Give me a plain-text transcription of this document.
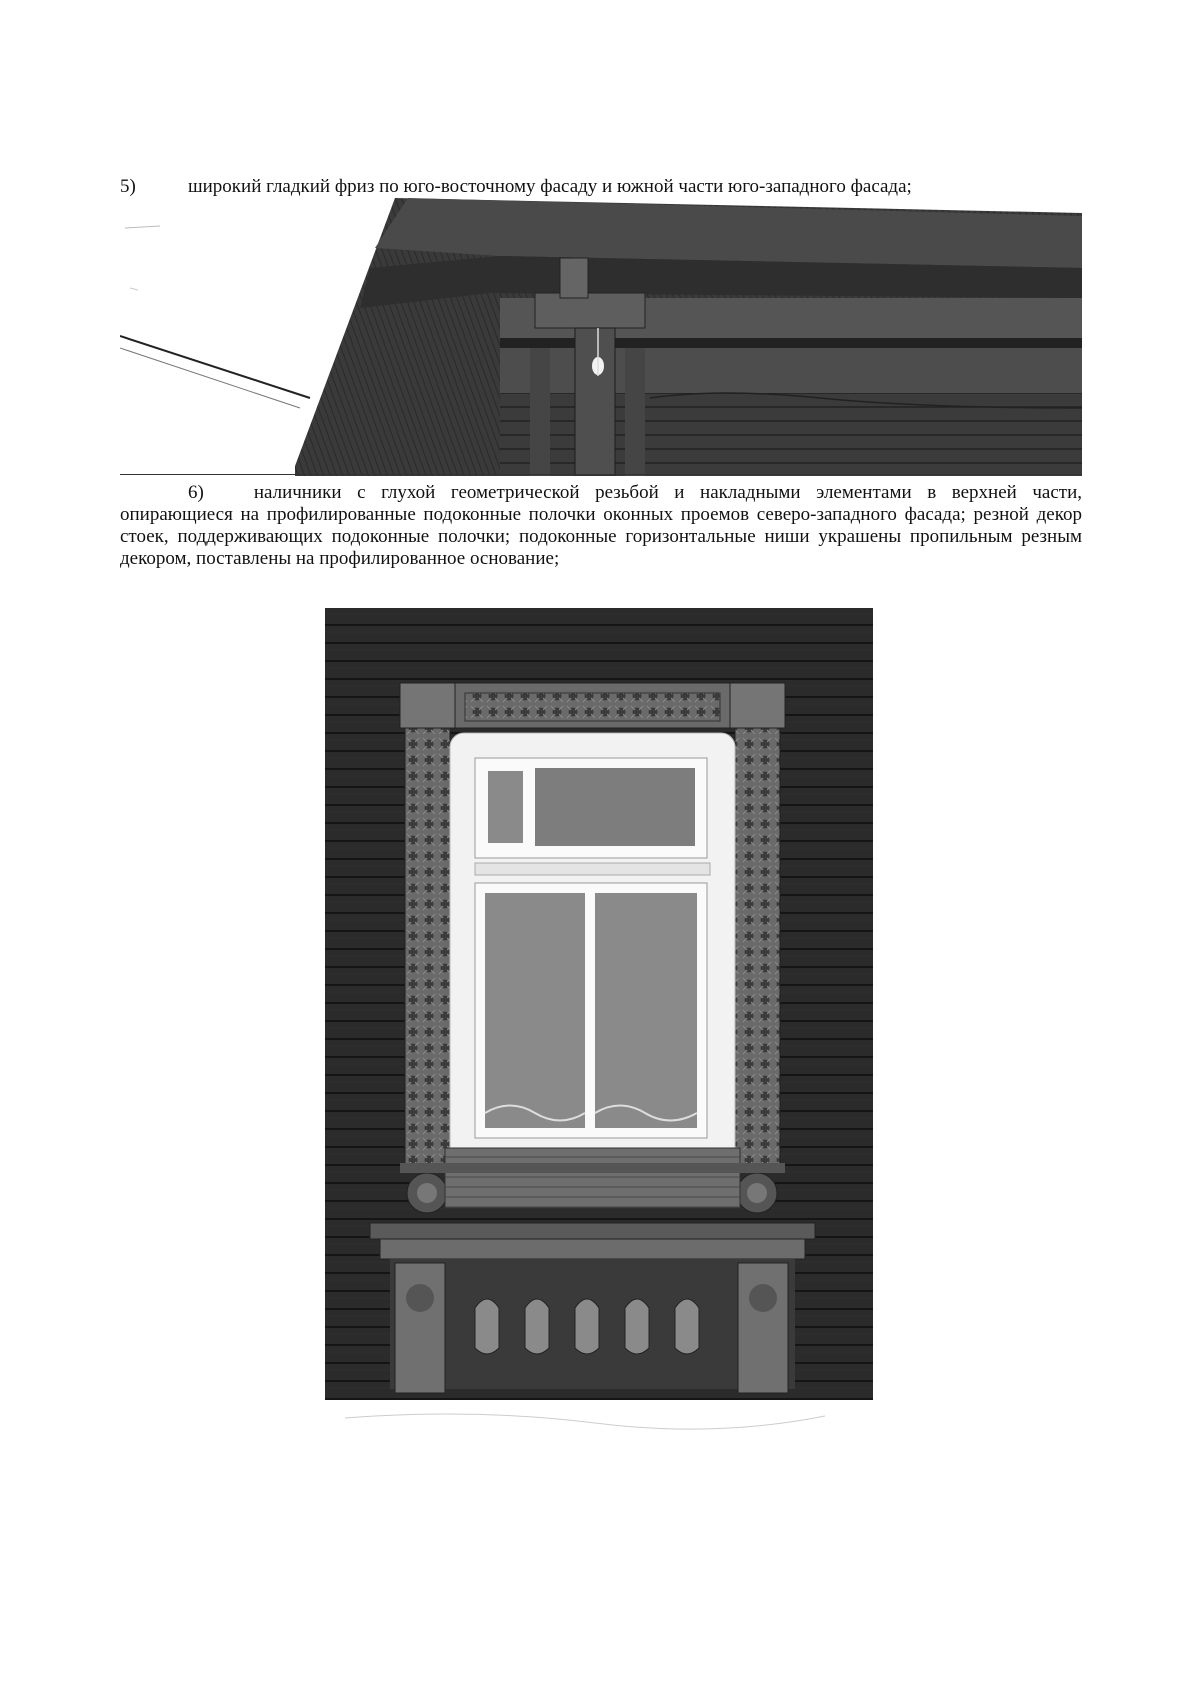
5)	широкий гладкий фриз по юго-восточному фасаду и южной части юго-западного фасада;

6)	наличники с глухой геометрической резьбой и накладными элементами в верхней части, опирающиеся на профилированные подоконные полочки оконных проемов северо-западного фасада; резной декор стоек, поддерживающих подоконные полочки; подоконные горизонтальные ниши украшены пропильным резным декором, поставлены на профилированное основание;
